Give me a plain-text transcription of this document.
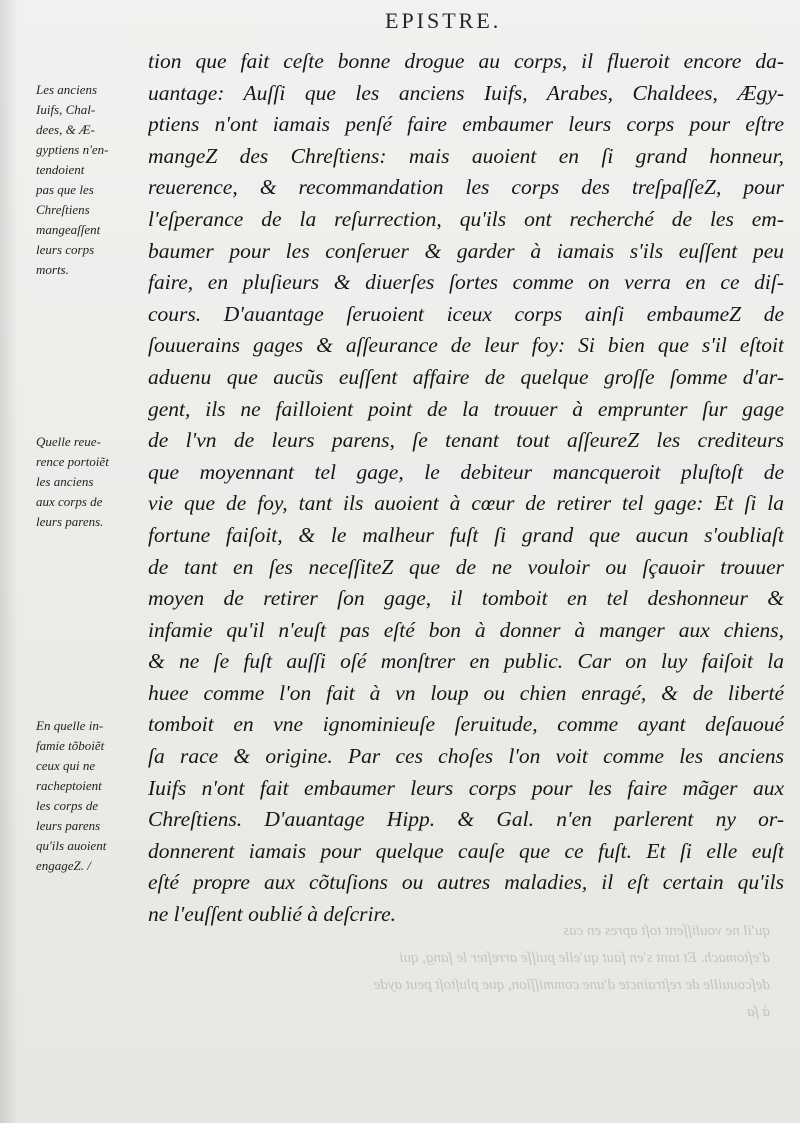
EPISTRE.
qu'il ne vouliſſent toſt apres en cas
d'eſtomach. Et tant s'en faut qu'elle puiſſe arreſter le ſang, qui
deſcouuille de reſtraincte d'une commiſſion, que pluſtoſt peut ayde
à ſa
Les anciens
Iuifs, Chal-
dees, & Æ-
gyptiens n'en-
tendoient
pas que les
Chreſtiens
mangeaſſent
leurs corps
morts.
Quelle reue-
rence portoiẽt
les anciens
aux corps de
leurs parens.
En quelle in-
famie tõboiẽt
ceux qui ne
racheptoient
les corps de
leurs parens
qu'ils auoient
engageZ. /
tion que fait ceſte bonne drogue au corps, il flueroit encore da-
uantage: Auſſi que les anciens Iuifs, Arabes, Chaldees, Ægy-
ptiens n'ont iamais penſé faire embaumer leurs corps pour eſtre
mangeZ des Chreſtiens: mais auoient en ſi grand honneur,
reuerence, & recommandation les corps des treſpaſſeZ, pour
l'eſperance de la reſurrection, qu'ils ont recherché de les em-
baumer pour les conſeruer & garder à iamais s'ils euſſent peu
faire, en pluſieurs & diuerſes ſortes comme on verra en ce diſ-
cours. D'auantage ſeruoient iceux corps ainſi embaumeZ de
ſouuerains gages & aſſeurance de leur foy: Si bien que s'il eſtoit
aduenu que aucũs euſſent affaire de quelque groſſe ſomme d'ar-
gent, ils ne failloient point de la trouuer à emprunter ſur gage
de l'vn de leurs parens, ſe tenant tout aſſeureZ les crediteurs
que moyennant tel gage, le debiteur mancqueroit pluſtoſt de
vie que de foy, tant ils auoient à cœur de retirer tel gage: Et ſi la
fortune faiſoit, & le malheur fuſt ſi grand que aucun s'oubliaſt
de tant en ſes neceſſiteZ que de ne vouloir ou ſçauoir trouuer
moyen de retirer ſon gage, il tomboit en tel deshonneur &
infamie qu'il n'euſt pas eſté bon à donner à manger aux chiens,
& ne ſe fuſt auſſi oſé monſtrer en public. Car on luy faiſoit la
huee comme l'on fait à vn loup ou chien enragé, & de liberté
tomboit en vne ignominieuſe ſeruitude, comme ayant deſauoué
ſa race & origine. Par ces choſes l'on voit comme les anciens
Iuifs n'ont fait embaumer leurs corps pour les faire mãger aux
Chreſtiens. D'auantage Hipp. & Gal. n'en parlerent ny or-
donnerent iamais pour quelque cauſe que ce fuſt. Et ſi elle euſt
eſté propre aux cõtuſions ou autres maladies, il eſt certain qu'ils
ne l'euſſent oublié à deſcrire.
